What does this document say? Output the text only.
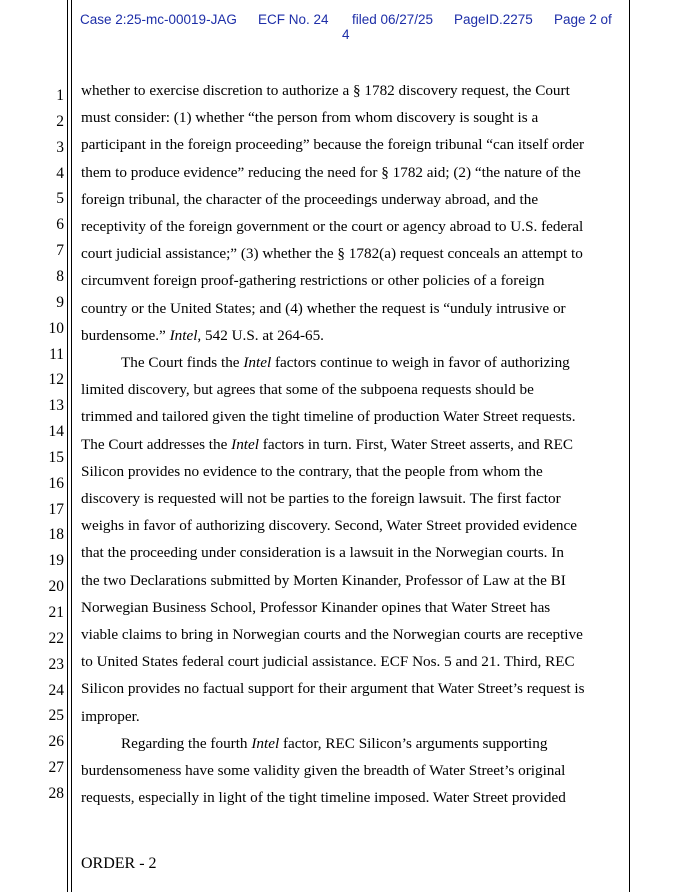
Case 2:25-mc-00019-JAG ECF No. 24 filed 06/27/25 PageID.2275 Page 2 of
4
1
2
3
4
5
6
7
8
9
10
11
12
13
14
15
16
17
18
19
20
21
22
23
24
25
26
27
28
whether to exercise discretion to authorize a § 1782 discovery request, the Court
must consider: (1) whether “the person from whom discovery is sought is a
participant in the foreign proceeding” because the foreign tribunal “can itself order
them to produce evidence” reducing the need for § 1782 aid; (2) “the nature of the
foreign tribunal, the character of the proceedings underway abroad, and the
receptivity of the foreign government or the court or agency abroad to U.S. federal
court judicial assistance;” (3) whether the § 1782(a) request conceals an attempt to
circumvent foreign proof-gathering restrictions or other policies of a foreign
country or the United States; and (4) whether the request is “unduly intrusive or
burdensome.” Intel, 542 U.S. at 264-65.
The Court finds the Intel factors continue to weigh in favor of authorizing
limited discovery, but agrees that some of the subpoena requests should be
trimmed and tailored given the tight timeline of production Water Street requests.
The Court addresses the Intel factors in turn. First, Water Street asserts, and REC
Silicon provides no evidence to the contrary, that the people from whom the
discovery is requested will not be parties to the foreign lawsuit. The first factor
weighs in favor of authorizing discovery. Second, Water Street provided evidence
that the proceeding under consideration is a lawsuit in the Norwegian courts. In
the two Declarations submitted by Morten Kinander, Professor of Law at the BI
Norwegian Business School, Professor Kinander opines that Water Street has
viable claims to bring in Norwegian courts and the Norwegian courts are receptive
to United States federal court judicial assistance. ECF Nos. 5 and 21. Third, REC
Silicon provides no factual support for their argument that Water Street’s request is
improper.
Regarding the fourth Intel factor, REC Silicon’s arguments supporting
burdensomeness have some validity given the breadth of Water Street’s original
requests, especially in light of the tight timeline imposed. Water Street provided
ORDER - 2
